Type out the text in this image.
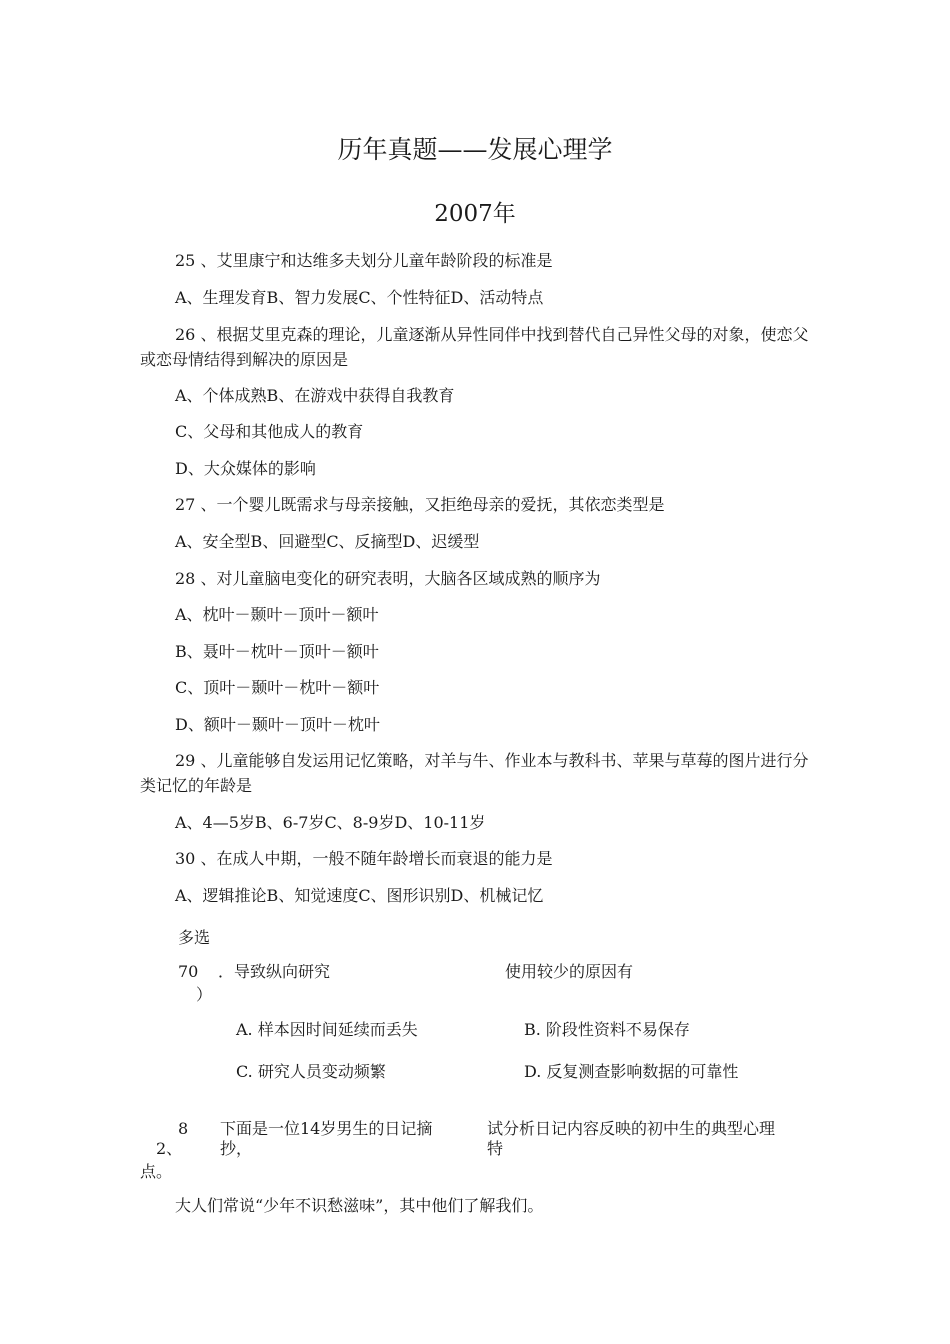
历年真题——发展心理学
2007年
25 、艾里康宁和达维多夫划分儿童年龄阶段的标准是
A、生理发育B、智力发展C、个性特征D、活动特点
26 、根据艾里克森的理论，儿童逐渐从异性同伴中找到替代自己异性父母的对象，使恋父或恋母情结得到解决的原因是
A、个体成熟B、在游戏中获得自我教育
C、父母和其他成人的教育
D、大众媒体的影响
27 、一个婴儿既需求与母亲接触，又拒绝母亲的爱抚，其依恋类型是
A、安全型B、回避型C、反摘型D、迟缓型
28 、对儿童脑电变化的研究表明，大脑各区域成熟的顺序为
A、枕叶－颞叶－顶叶－额叶
B、聂叶－枕叶－顶叶－额叶
C、顶叶－颞叶－枕叶－额叶
D、额叶－颞叶－顶叶－枕叶
29 、儿童能够自发运用记忆策略，对羊与牛、作业本与教科书、苹果与草莓的图片进行分类记忆的年龄是
A、4—5岁B、6-7岁C、8-9岁D、10-11岁
30 、在成人中期，一般不随年龄增长而衰退的能力是
A、逻辑推论B、知觉速度C、图形识别D、机械记忆
多选
70 ．导致纵向研究	使用较少的原因有
）
A. 样本因时间延续而丢失	B. 阶段性资料不易保存
C. 研究人员变动频繁	D. 反复测查影响数据的可靠性
8
2、
下面是一位14岁男生的日记摘
抄，
试分析日记内容反映的初中生的典型心理
特
点。
大人们常说“少年不识愁滋味”，其中他们了解我们。
